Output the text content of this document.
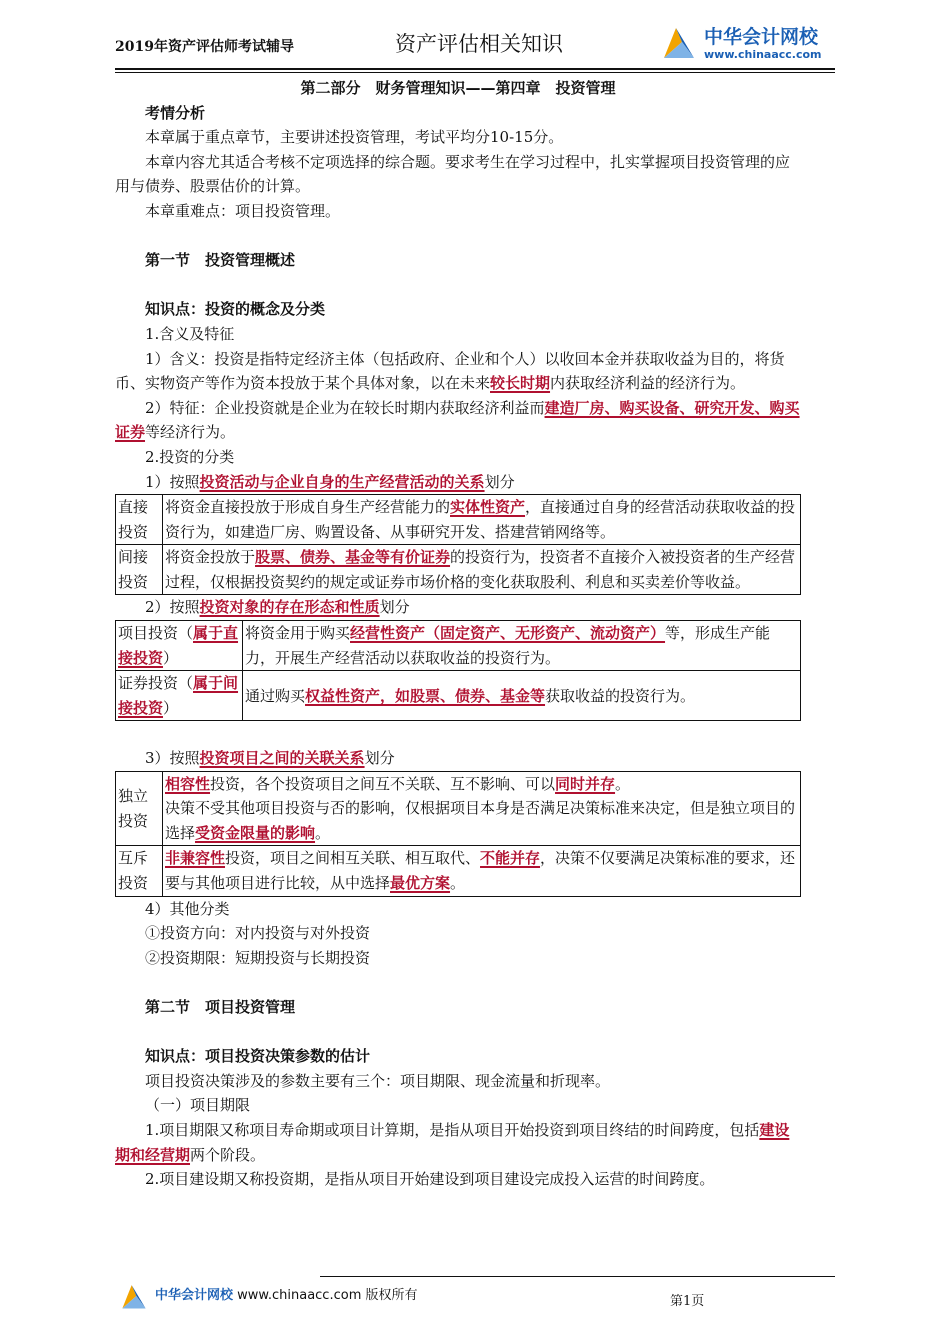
2019年资产评估师考试辅导	资产评估相关知识	中华会计网校
www.chinaacc.com

第二部分　财务管理知识——第四章　投资管理

考情分析

本章属于重点章节，主要讲述投资管理，考试平均分10-15分。

本章内容尤其适合考核不定项选择的综合题。要求考生在学习过程中，扎实掌握项目投资管理的应用与债券、股票估价的计算。

本章重难点：项目投资管理。

第一节　投资管理概述

知识点：投资的概念及分类

1.含义及特征

1）含义：投资是指特定经济主体（包括政府、企业和个人）以收回本金并获取收益为目的，将货币、实物资产等作为资本投放于某个具体对象，以在未来较长时期内获取经济利益的经济行为。

2）特征：企业投资就是企业为在较长时期内获取经济利益而建造厂房、购买设备、研究开发、购买证券等经济行为。

2.投资的分类

1）按照投资活动与企业自身的生产经营活动的关系划分

直接投资	将资金直接投放于形成自身生产经营能力的实体性资产，直接通过自身的经营活动获取收益的投资行为，如建造厂房、购置设备、从事研究开发、搭建营销网络等。
间接投资	将资金投放于股票、债券、基金等有价证券的投资行为，投资者不直接介入被投资者的生产经营过程，仅根据投资契约的规定或证券市场价格的变化获取股利、利息和买卖差价等收益。

2）按照投资对象的存在形态和性质划分

项目投资（属于直接投资）	将资金用于购买经营性资产（固定资产、无形资产、流动资产）等，形成生产能力，开展生产经营活动以获取收益的投资行为。
证券投资（属于间接投资）	通过购买权益性资产，如股票、债券、基金等获取收益的投资行为。

3）按照投资项目之间的关联关系划分

独立投资	相容性投资，各个投资项目之间互不关联、互不影响、可以同时并存。
决策不受其他项目投资与否的影响，仅根据项目本身是否满足决策标准来决定，但是独立项目的选择受资金限量的影响。
互斥投资	非兼容性投资，项目之间相互关联、相互取代、不能并存，决策不仅要满足决策标准的要求，还要与其他项目进行比较，从中选择最优方案。

4）其他分类

①投资方向：对内投资与对外投资

②投资期限：短期投资与长期投资

第二节　项目投资管理

知识点：项目投资决策参数的估计

项目投资决策涉及的参数主要有三个：项目期限、现金流量和折现率。

（一）项目期限

1.项目期限又称项目寿命期或项目计算期，是指从项目开始投资到项目终结的时间跨度，包括建设期和经营期两个阶段。

2.项目建设期又称投资期，是指从项目开始建设到项目建设完成投入运营的时间跨度。

中华会计网校 www.chinaacc.com 版权所有	第1页
